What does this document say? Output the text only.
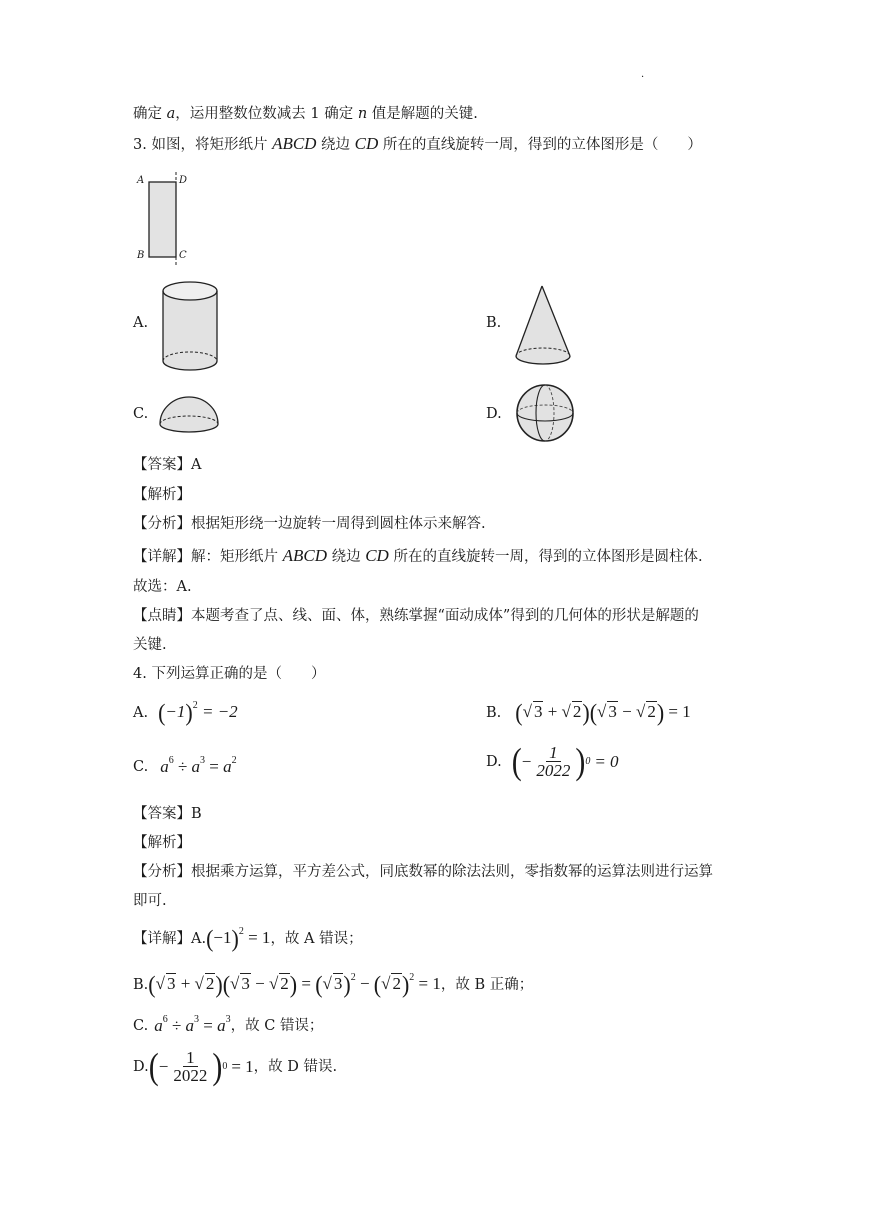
·
确定 a，运用整数位数减去 1 确定 n 值是解题的关键.
3. 如图，将矩形纸片 ABCD 绕边 CD 所在的直线旋转一周，得到的立体图形是（　　）
A	D
B	C
A.	B.
C.	D.
【答案】A
【解析】
【分析】根据矩形绕一边旋转一周得到圆柱体示来解答.
【详解】解：矩形纸片 ABCD 绕边 CD 所在的直线旋转一周，得到的立体图形是圆柱体.
故选：A.
【点睛】本题考查了点、线、面、体，熟练掌握“面动成体”得到的几何体的形状是解题的
关键.
4. 下列运算正确的是（　　）
A. $(-1)^2 = -2$	B. (√ 3 + √ 2)(√ 3 − √ 2) = 1
C. $a^6 \div a^3 = a^2$	D. ( − $\frac{1}{2022}$ ) 0 = 0
【答案】B
【解析】
【分析】根据乘方运算，平方差公式，同底数幂的除法法则，零指数幂的运算法则进行运算
即可.
【详解】A. $(-1)^2 = 1$ ，故 A 错误；
B. (√ 3 + √ 2)(√ 3 − √ 2) = (√ 3)$^2$ − (√ 2)$^2$ = 1 ，故 B 正确；
C. $a^6 \div a^3 = a^3$ ，故 C 错误；
D. ( − $\frac{1}{2022}$ ) 0 = 1 ，故 D 错误.
